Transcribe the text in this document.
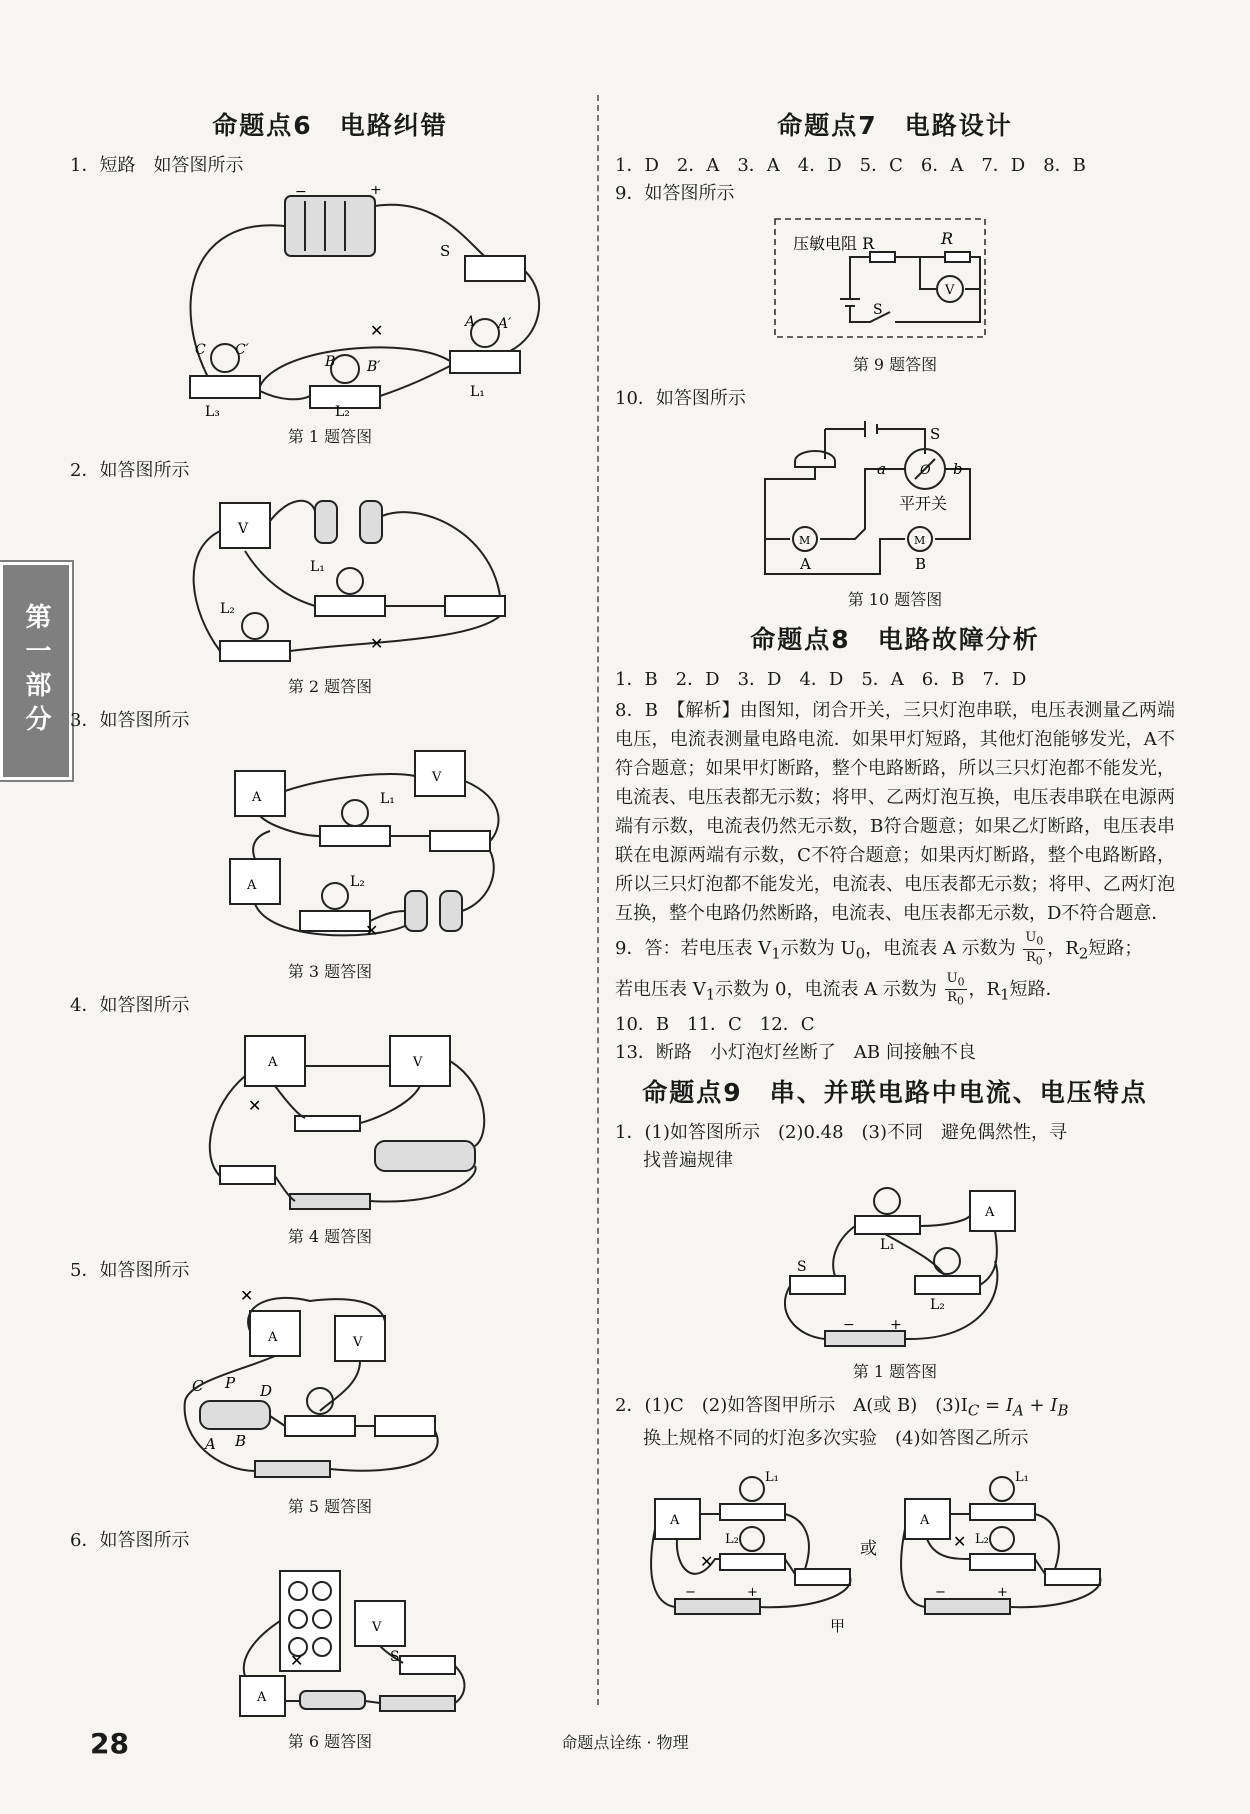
第一部分
命题点6　电路纠错

1．短路　如答图所示

+
−
S
✕
C C′
B B′
A A′
L₃	L₂
L₁

第 1 题答图

2．如答图所示

V
L₁
L₂
✕

第 2 题答图

3．如答图所示

A
V
A
L₁
L₂
✕

第 3 题答图

4．如答图所示

A	V
✕

第 4 题答图

5．如答图所示

A	V
✕
C P D
A B

第 5 题答图

6．如答图所示

V
A
S
✕

第 6 题答图

命题点7　电路设计

1．D　2．A　3．A　4．D　5．C　6．A　7．D　8．B

9．如答图所示

压敏电阻 R	R
V
S

第 9 题答图

10．如答图所示

S
a	b
O
平开关
M	M
A	B

第 10 题答图

命题点8　电路故障分析

1．B　2．D　3．D　4．D　5．A　6．B　7．D

8．B　【解析】由图知，闭合开关，三只灯泡串联，电压表测量乙两端电压，电流表测量电路电流．如果甲灯短路，其他灯泡能够发光，A不符合题意；如果甲灯断路，整个电路断路，所以三只灯泡都不能发光，电流表、电压表都无示数；将甲、乙两灯泡互换，电压表串联在电源两端有示数，电流表仍然无示数，B符合题意；如果乙灯断路，电压表串联在电源两端有示数，C不符合题意；如果丙灯断路，整个电路断路，所以三只灯泡都不能发光，电流表、电压表都无示数；将甲、乙两灯泡互换，整个电路仍然断路，电流表、电压表都无示数，D不符合题意．

9．答：若电压表 $V_1$示数为 $U_0$，电流表 A 示数为 $\frac{U_0}{R_0}$ ，$R_2$短路；

若电压表 $V_1$示数为 0，电流表 A 示数为 $\frac{U_0}{R_0}$ ，$R_1$短路．

10．B　11．C　12．C

13．断路　小灯泡灯丝断了　AB 间接触不良

命题点9　串、并联电路中电流、电压特点

1．(1)如答图所示　(2)0.48　(3)不同　避免偶然性，寻

找普遍规律

A
S
L₁
L₂
−	+

第 1 题答图

2．(1)C　(2)如答图甲所示　A(或 B)　$(3)I_C = I_A + I_B$

换上规格不同的灯泡多次实验　(4)如答图乙所示

A	A
L₁	L₁
L₂	L₂
✕
✕
−	+	−	+
或
甲
28	命题点诠练 · 物理
